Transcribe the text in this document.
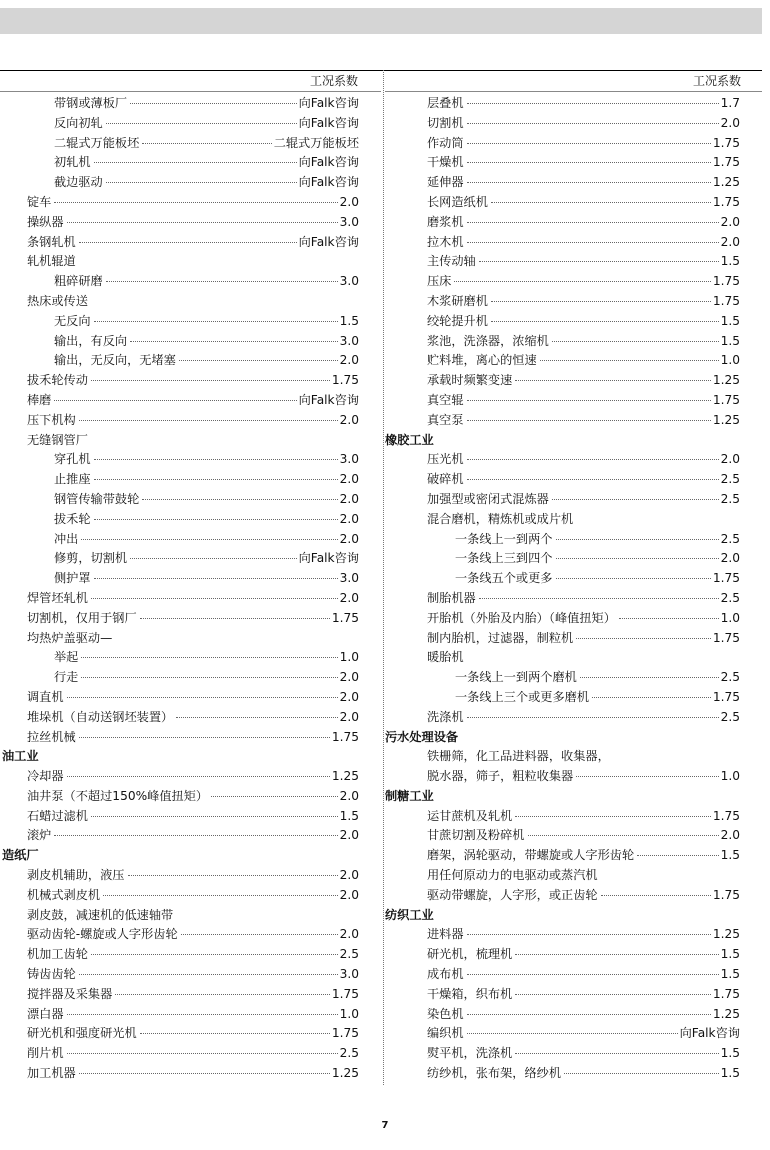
工况系数	工况系数
带钢或薄板厂	向Falk咨询
反向初轧	向Falk咨询
二辊式万能板坯	二辊式万能板坯
初轧机	向Falk咨询
截边驱动	向Falk咨询
锭车	2.0
操纵器	3.0
条钢轧机	向Falk咨询
轧机辊道
粗碎研磨	3.0
热床或传送
无反向	1.5
输出，有反向	3.0
输出，无反向，无堵塞	2.0
拔禾轮传动	1.75
棒磨	向Falk咨询
压下机构	2.0
无缝钢管厂
穿孔机	3.0
止推座	2.0
钢管传输带鼓轮	2.0
拔禾轮	2.0
冲出	2.0
修剪，切割机	向Falk咨询
侧护罩	3.0
焊管坯轧机	2.0
切割机，仅用于钢厂	1.75
均热炉盖驱动—
举起	1.0
行走	2.0
调直机	2.0
堆垛机（自动送钢坯装置）	2.0
拉丝机械	1.75
油工业
冷却器	1.25
油井泵（不超过150%峰值扭矩）	2.0
石蜡过滤机	1.5
滚炉	2.0
造纸厂
剥皮机辅助，液压	2.0
机械式剥皮机	2.0
剥皮鼓，减速机的低速轴带
驱动齿轮-螺旋或人字形齿轮	2.0
机加工齿轮	2.5
铸齿齿轮	3.0
搅拌器及采集器	1.75
漂白器	1.0
研光机和强度研光机	1.75
削片机	2.5
加工机器	1.25
层叠机	1.7
切割机	2.0
作动筒	1.75
干燥机	1.75
延伸器	1.25
长网造纸机	1.75
磨浆机	2.0
拉木机	2.0
主传动轴	1.5
压床	1.75
木浆研磨机	1.75
绞轮提升机	1.5
浆池，洗涤器，浓缩机	1.5
贮料堆，离心的恒速	1.0
承载时频繁变速	1.25
真空辊	1.75
真空泵	1.25
橡胶工业
压光机	2.0
破碎机	2.5
加强型或密闭式混炼器	2.5
混合磨机，精炼机或成片机
一条线上一到两个	2.5
一条线上三到四个	2.0
一条线五个或更多	1.75
制胎机器	2.5
开胎机（外胎及内胎）（峰值扭矩）	1.0
制内胎机，过滤器，制粒机	1.75
暖胎机
一条线上一到两个磨机	2.5
一条线上三个或更多磨机	1.75
洗涤机	2.5
污水处理设备
铁栅筛，化工品进料器，收集器，
脱水器，筛子，粗粒收集器	1.0
制糖工业
运甘蔗机及轧机	1.75
甘蔗切割及粉碎机	2.0
磨架，涡轮驱动，带螺旋或人字形齿轮	1.5
用任何原动力的电驱动或蒸汽机
驱动带螺旋，人字形，或正齿轮	1.75
纺织工业
进料器	1.25
研光机，梳理机	1.5
成布机	1.5
干燥箱，织布机	1.75
染色机	1.25
编织机	向Falk咨询
熨平机，洗涤机	1.5
纺纱机，张布架，络纱机	1.5
7
